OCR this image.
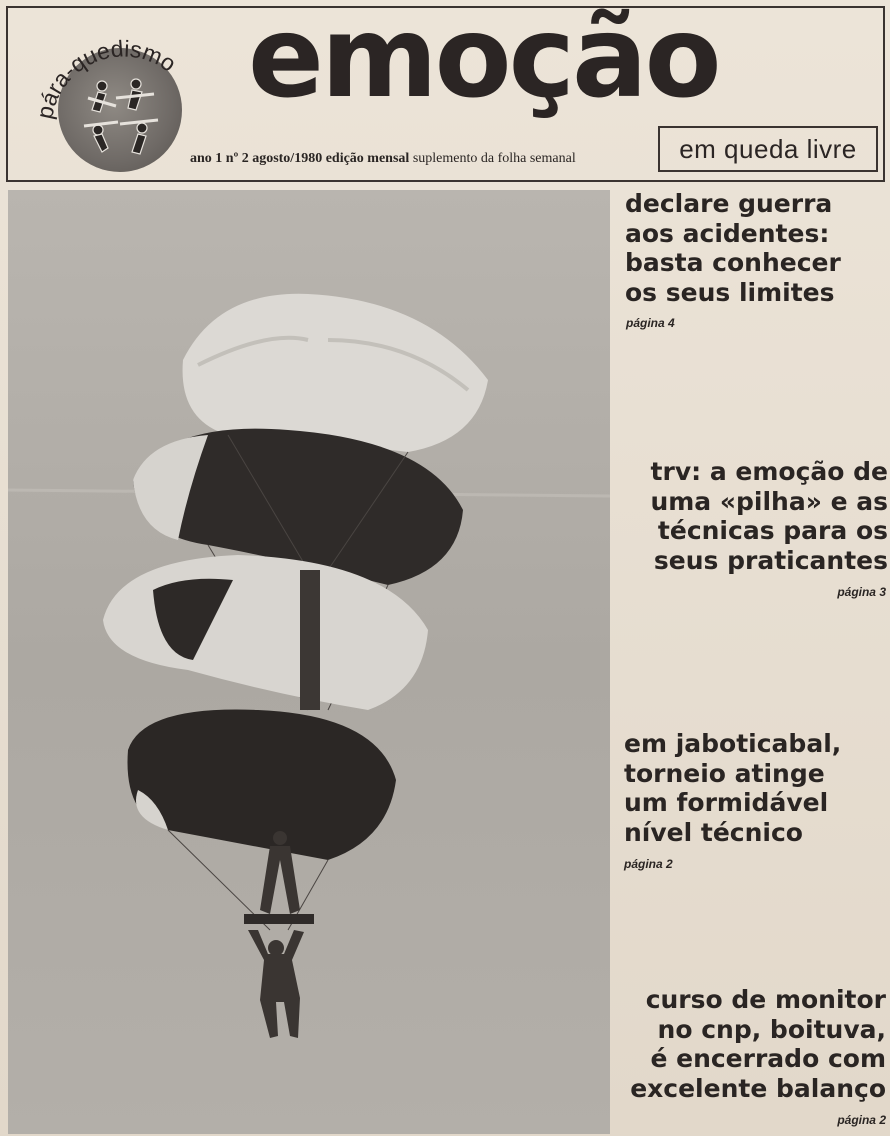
pára-quedismo emoção
em queda livre
ano 1 nº 2 agosto/1980 edição mensal suplemento da folha semanal
declare guerra
aos acidentes:
basta conhecer
os seus limites
página 4
trv: a emoção de
uma «pilha» e as
técnicas para os
seus praticantes
página 3
em jaboticabal,
torneio atinge
um formidável
nível técnico
página 2
curso de monitor
no cnp, boituva,
é encerrado com
excelente balanço
página 2
